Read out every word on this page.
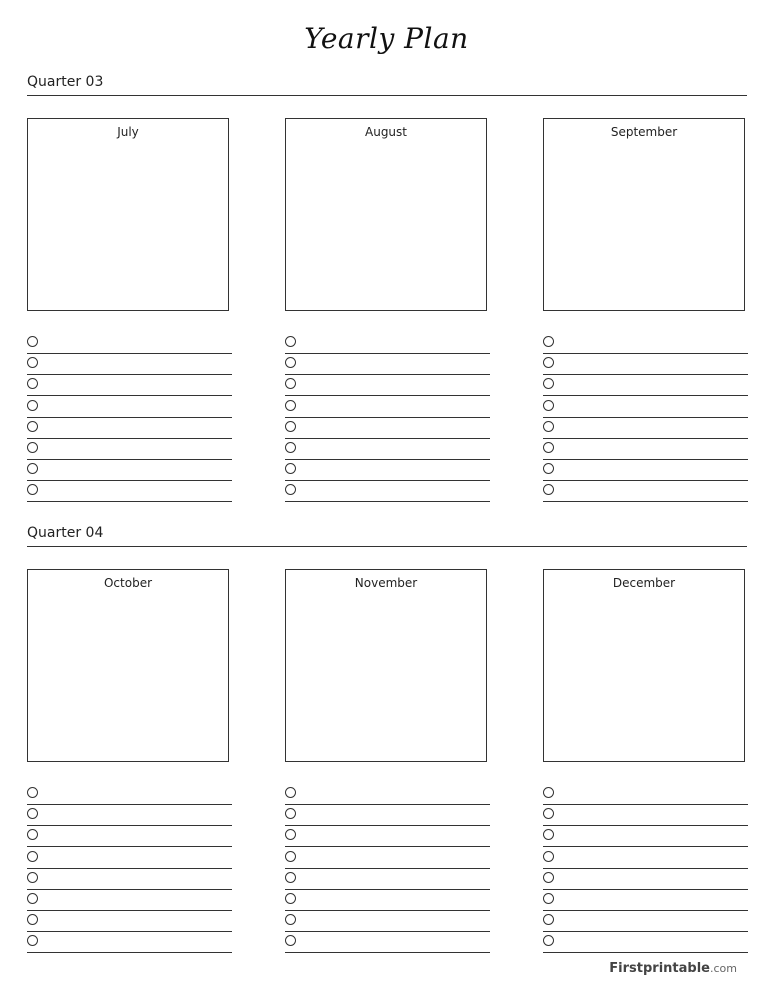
Yearly Plan
Quarter 03
July	August	September
Quarter 04
October	November	December
Firstprintable.com
